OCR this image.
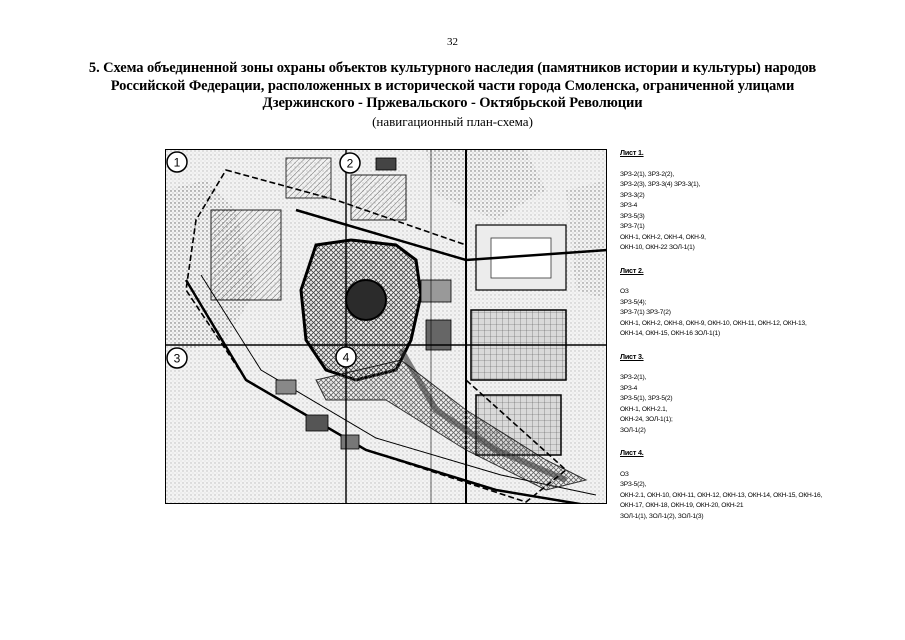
32
5. Схема объединенной зоны охраны объектов культурного наследия (памятников истории и культуры) народов
Российской Федерации, расположенных в исторической части города Смоленска, ограниченной улицами
Дзержинского - Пржевальского - Октябрьской Революции
(навигационный план-схема)
1	2
3	4
Лист 1.
ЗРЗ-2(1), ЗРЗ-2(2),
ЗРЗ-2(3), ЗРЗ-3(4) ЗРЗ-3(1),
ЗРЗ-3(2)
ЗРЗ-4
ЗРЗ-5(3)
ЗРЗ-7(1)
ОКН-1, ОКН-2, ОКН-4, ОКН-9,
ОКН-10, ОКН-22 ЗОЛ-1(1)
Лист 2.
ОЗ
ЗРЗ-5(4);
ЗРЗ-7(1) ЗРЗ-7(2)
ОКН-1, ОКН-2, ОКН-8, ОКН-9, ОКН-10, ОКН-11, ОКН-12, ОКН-13,
ОКН-14, ОКН-15, ОКН-16 ЗОЛ-1(1)
Лист 3.
ЗРЗ-2(1),
ЗРЗ-4
ЗРЗ-5(1), ЗРЗ-5(2)
ОКН-1, ОКН-2.1,
ОКН-24, ЗОЛ-1(1);
ЗОЛ-1(2)
Лист 4.
ОЗ
ЗРЗ-5(2),
ОКН-2.1, ОКН-10, ОКН-11, ОКН-12, ОКН-13, ОКН-14, ОКН-15, ОКН-16,
ОКН-17, ОКН-18, ОКН-19, ОКН-20, ОКН-21
ЗОЛ-1(1), ЗОЛ-1(2), ЗОЛ-1(3)
